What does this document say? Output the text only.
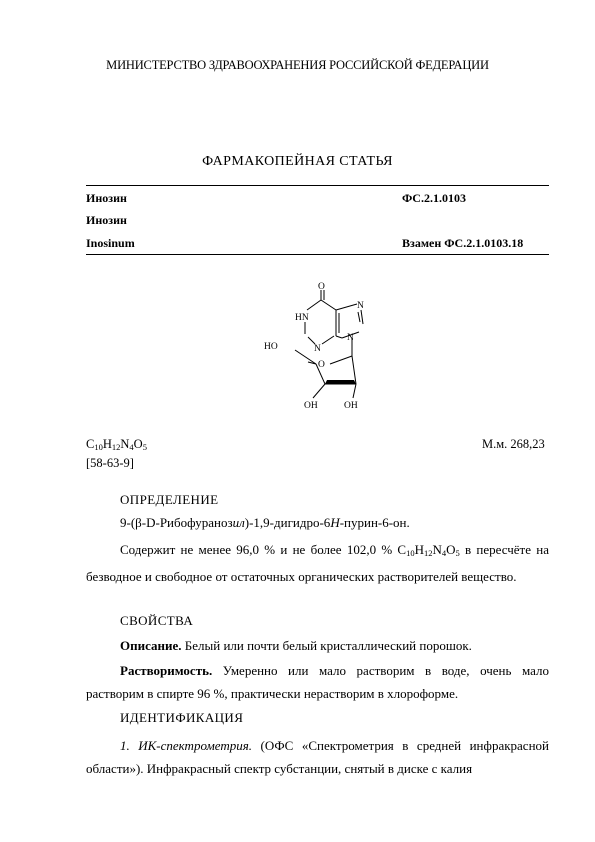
МИНИСТЕРСТВО ЗДРАВООХРАНЕНИЯ РОССИЙСКОЙ ФЕДЕРАЦИИ
ФАРМАКОПЕЙНАЯ СТАТЬЯ
Инозин	ФС.2.1.0103
Инозин
Inosinum	Взамен ФС.2.1.0103.18
O
HN
N
N
N
HO
O
OH	OH
$C_{10}H_{12}N_4O_5$	М.м. 268,23
[58-63-9]
ОПРЕДЕЛЕНИЕ
9-(β-D-Рибофуранозил)-1,9-дигидро-6H-пурин-6-он.
Содержит не менее 96,0 % и не более 102,0 % $C_{10}H_{12}N_4O_5$ в пересчёте на безводное и свободное от остаточных органических растворителей вещество.
СВОЙСТВА
Описание. Белый или почти белый кристаллический порошок.
Растворимость. Умеренно или мало растворим в воде, очень мало растворим в спирте 96 %, практически нерастворим в хлороформе.
ИДЕНТИФИКАЦИЯ
1. ИК-спектрометрия. (ОФС «Спектрометрия в средней инфракрасной области»). Инфракрасный спектр субстанции, снятый в диске с калия
